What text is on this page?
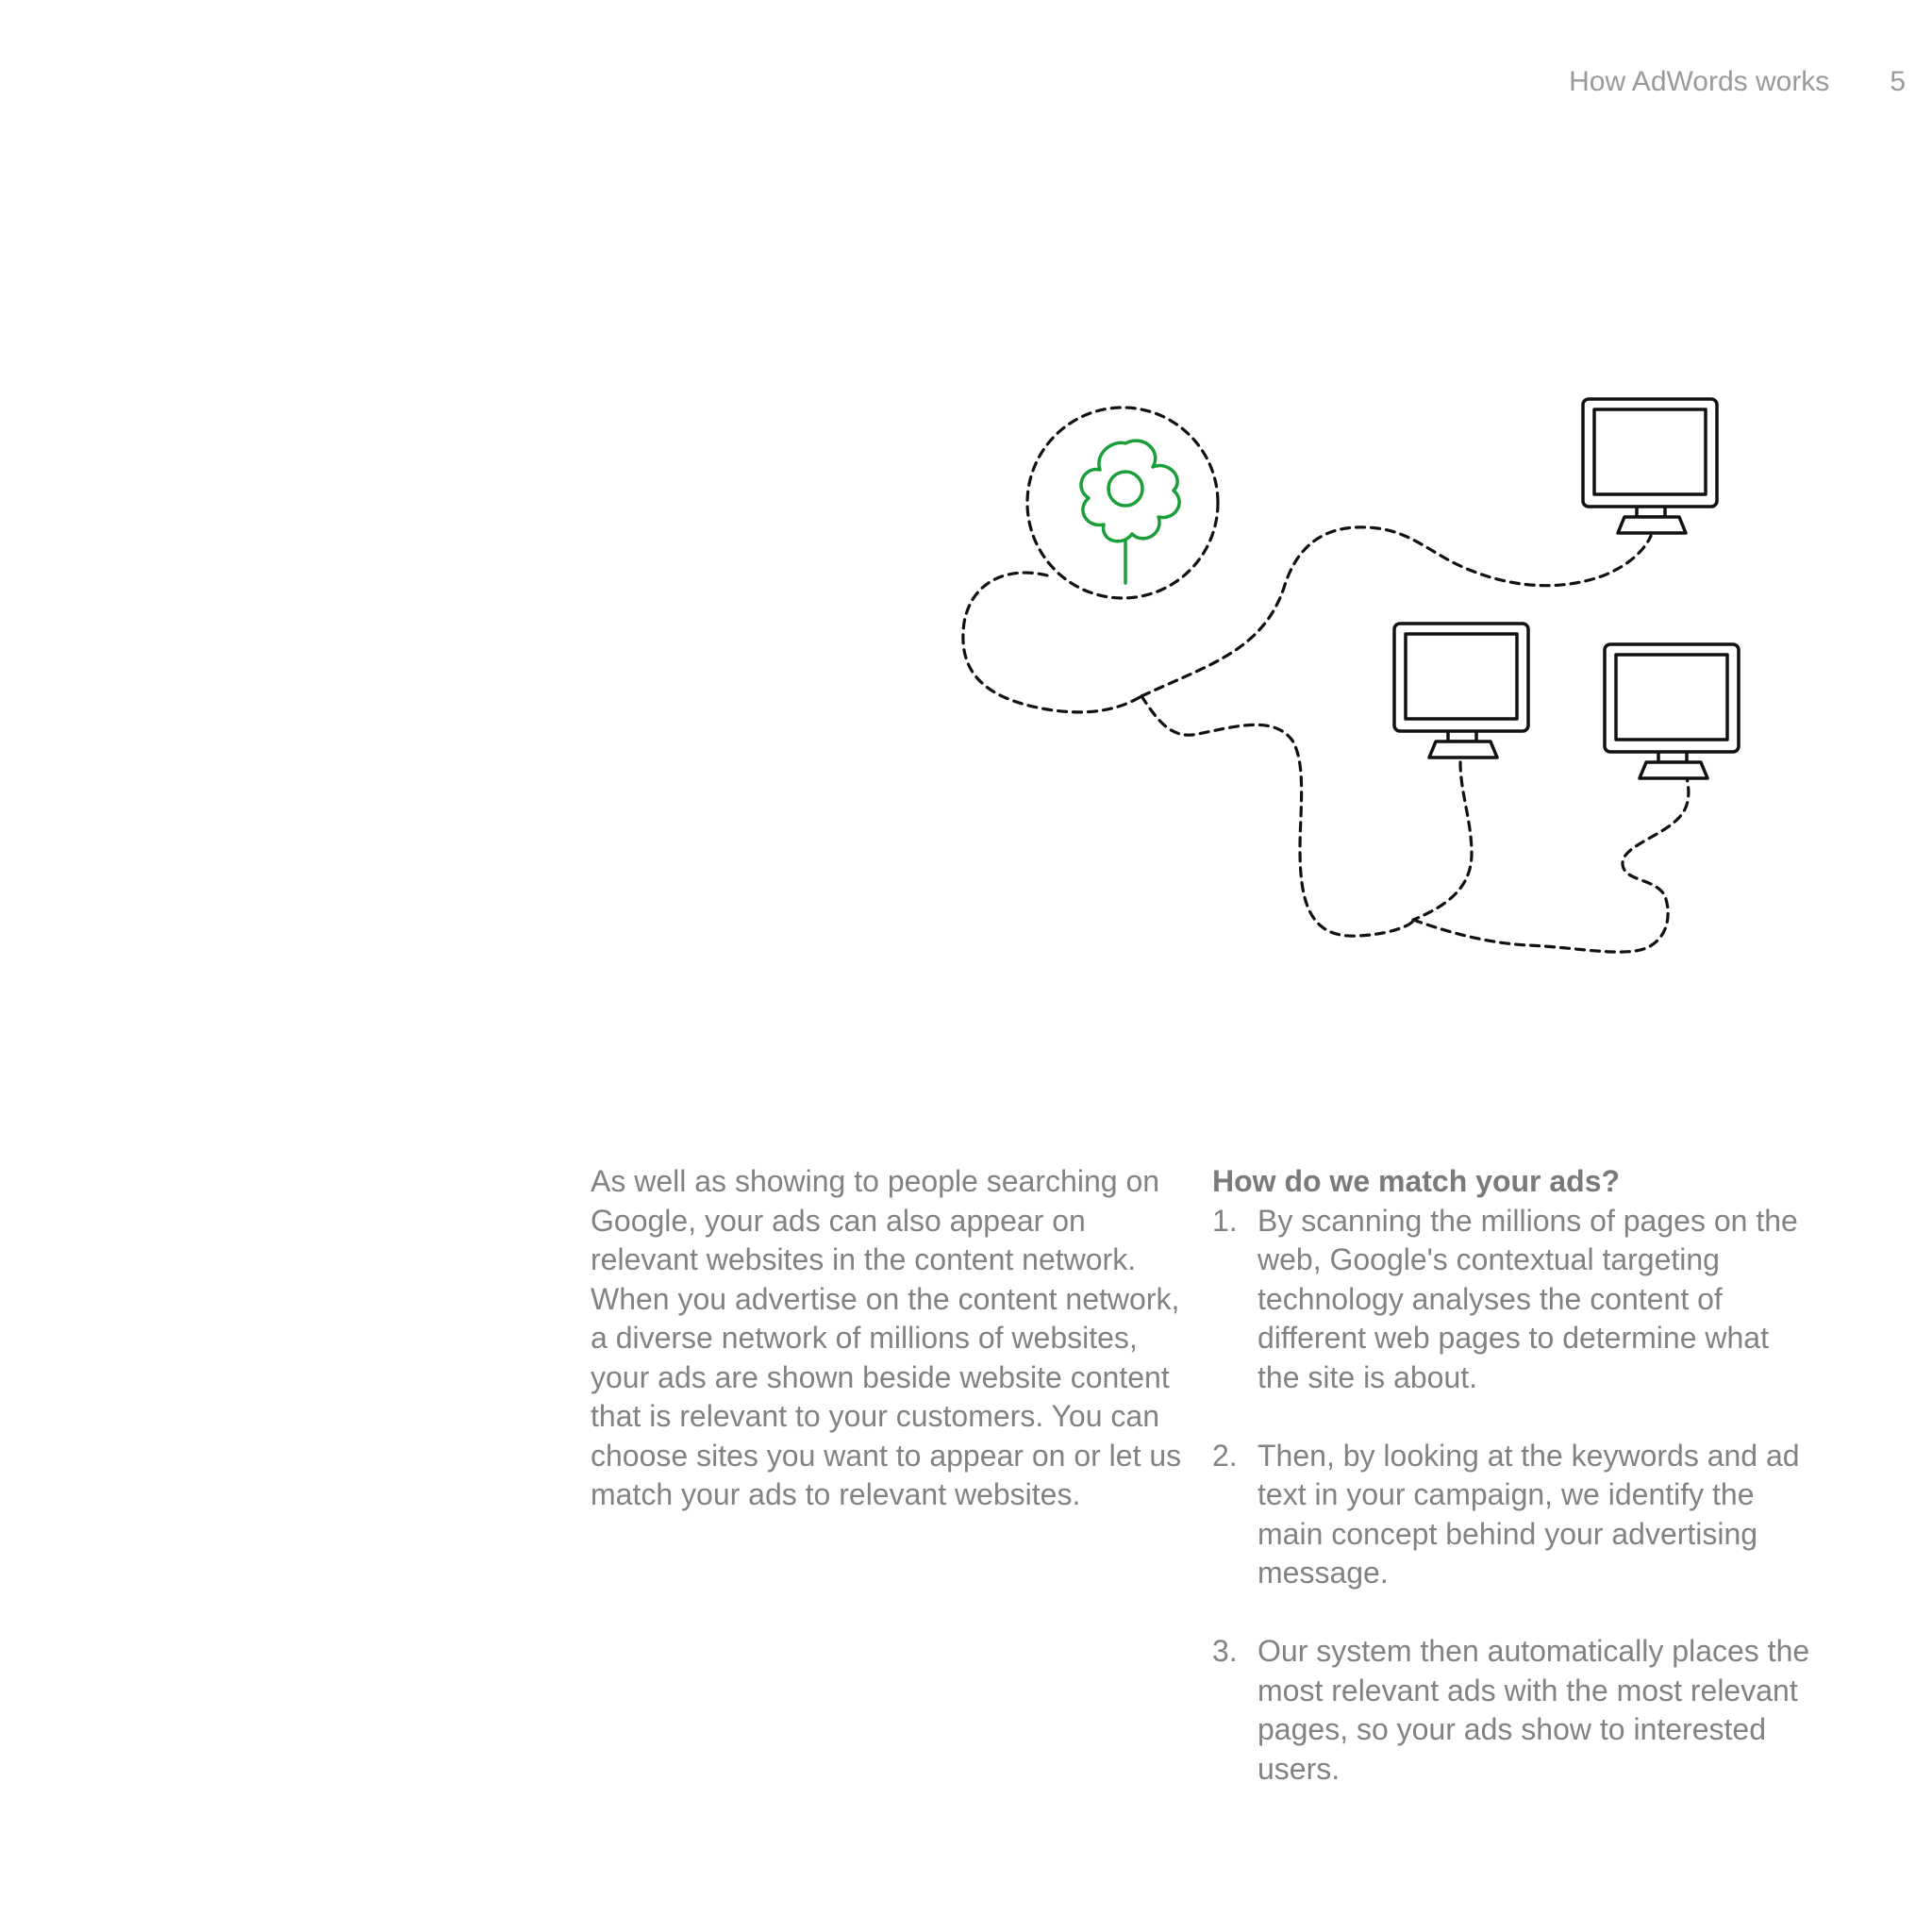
How AdWords works 5

As well as showing to people searching on Google, your ads can also appear on relevant websites in the content network. When you advertise on the content network, a diverse network of millions of websites, your ads are shown beside website content that is relevant to your customers. You can choose sites you want to appear on or let us match your ads to relevant websites.

How do we match your ads?
1. By scanning the millions of pages on the web, Google's contextual targeting technology analyses the content of different web pages to determine what the site is about.
2. Then, by looking at the keywords and ad text in your campaign, we identify the main concept behind your advertising message.
3. Our system then automatically places the most relevant ads with the most relevant pages, so your ads show to interested users.
